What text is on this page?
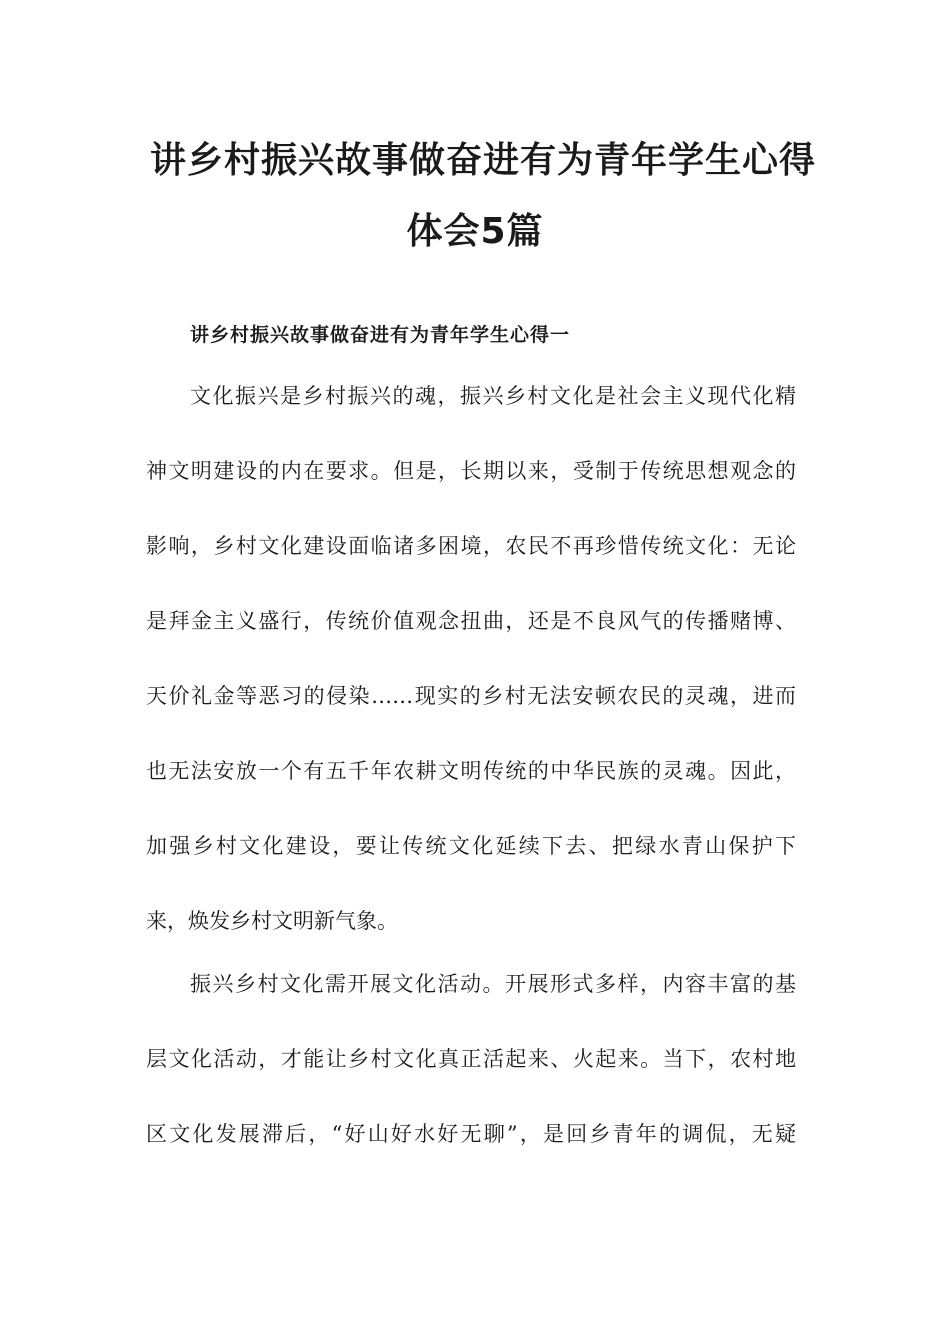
讲乡村振兴故事做奋进有为青年学生心得
体会5篇
讲乡村振兴故事做奋进有为青年学生心得一

文化振兴是乡村振兴的魂，振兴乡村文化是社会主义现代化精

神文明建设的内在要求。但是，长期以来，受制于传统思想观念的

影响，乡村文化建设面临诸多困境，农民不再珍惜传统文化：无论

是拜金主义盛行，传统价值观念扭曲，还是不良风气的传播赌博、

天价礼金等恶习的侵染……现实的乡村无法安顿农民的灵魂，进而

也无法安放一个有五千年农耕文明传统的中华民族的灵魂。因此，

加强乡村文化建设，要让传统文化延续下去、把绿水青山保护下

来，焕发乡村文明新气象。

振兴乡村文化需开展文化活动。开展形式多样，内容丰富的基

层文化活动，才能让乡村文化真正活起来、火起来。当下，农村地

区文化发展滞后，“好山好水好无聊”，是回乡青年的调侃，无疑
